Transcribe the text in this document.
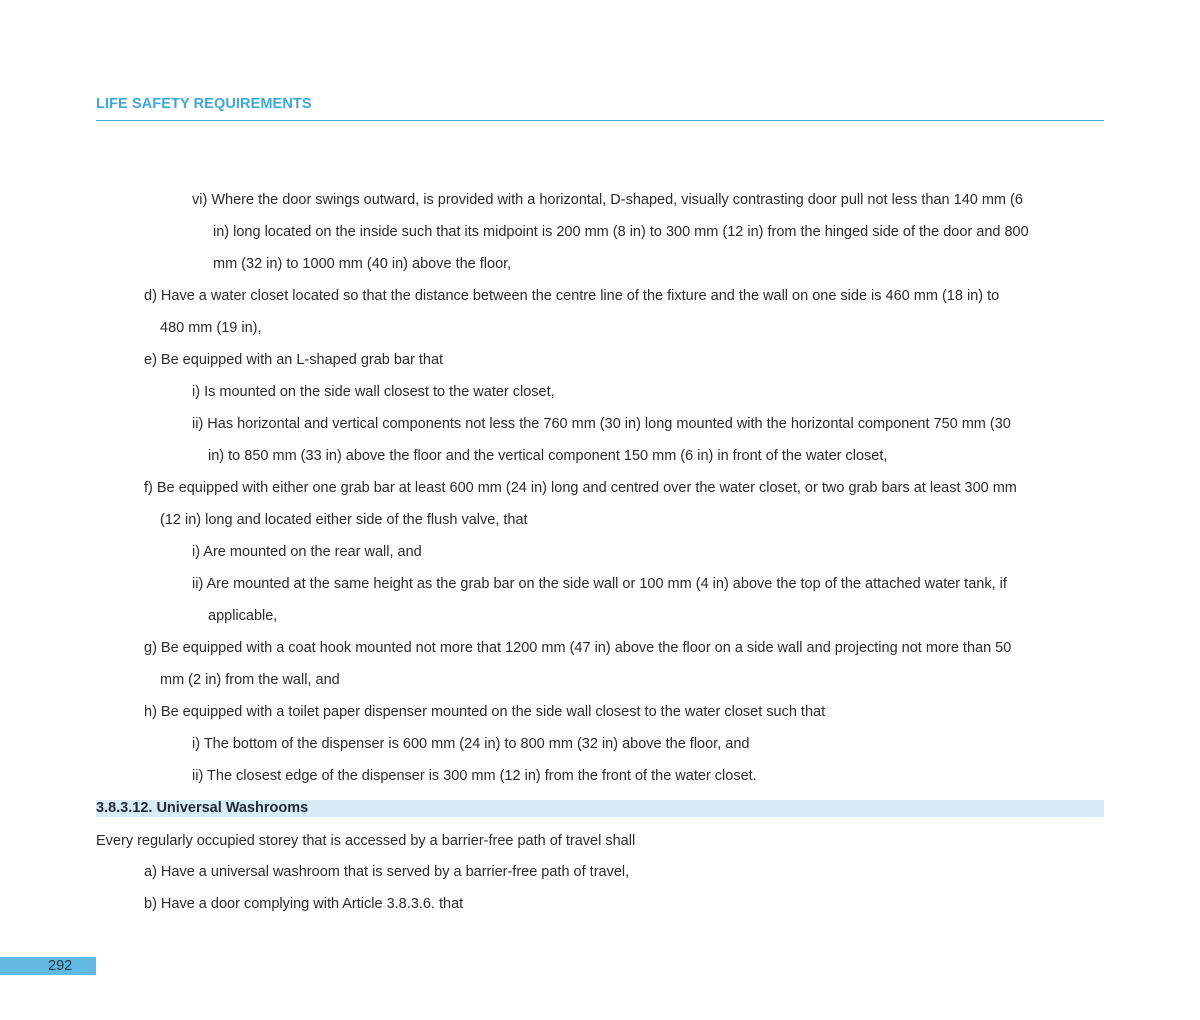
LIFE SAFETY REQUIREMENTS
vi) Where the door swings outward, is provided with a horizontal, D-shaped, visually contrasting door pull not less than 140 mm (6
in) long located on the inside such that its midpoint is 200 mm (8 in) to 300 mm (12 in) from the hinged side of the door and 800
mm (32 in) to 1000 mm (40 in) above the floor,
d) Have a water closet located so that the distance between the centre line of the fixture and the wall on one side is 460 mm (18 in) to
480 mm (19 in),
e) Be equipped with an L-shaped grab bar that
i) Is mounted on the side wall closest to the water closet,
ii) Has horizontal and vertical components not less the 760 mm (30 in) long mounted with the horizontal component 750 mm (30
in) to 850 mm (33 in) above the floor and the vertical component 150 mm (6 in) in front of the water closet,
f) Be equipped with either one grab bar at least 600 mm (24 in) long and centred over the water closet, or two grab bars at least 300 mm
(12 in) long and located either side of the flush valve, that
i) Are mounted on the rear wall, and
ii) Are mounted at the same height as the grab bar on the side wall or 100 mm (4 in) above the top of the attached water tank, if
applicable,
g) Be equipped with a coat hook mounted not more that 1200 mm (47 in) above the floor on a side wall and projecting not more than 50
mm (2 in) from the wall, and
h) Be equipped with a toilet paper dispenser mounted on the side wall closest to the water closet such that
i) The bottom of the dispenser is 600 mm (24 in) to 800 mm (32 in) above the floor, and
ii) The closest edge of the dispenser is 300 mm (12 in) from the front of the water closet.
3.8.3.12. Universal Washrooms
Every regularly occupied storey that is accessed by a barrier-free path of travel shall
a) Have a universal washroom that is served by a barrier-free path of travel,
b) Have a door complying with Article 3.8.3.6. that
292
